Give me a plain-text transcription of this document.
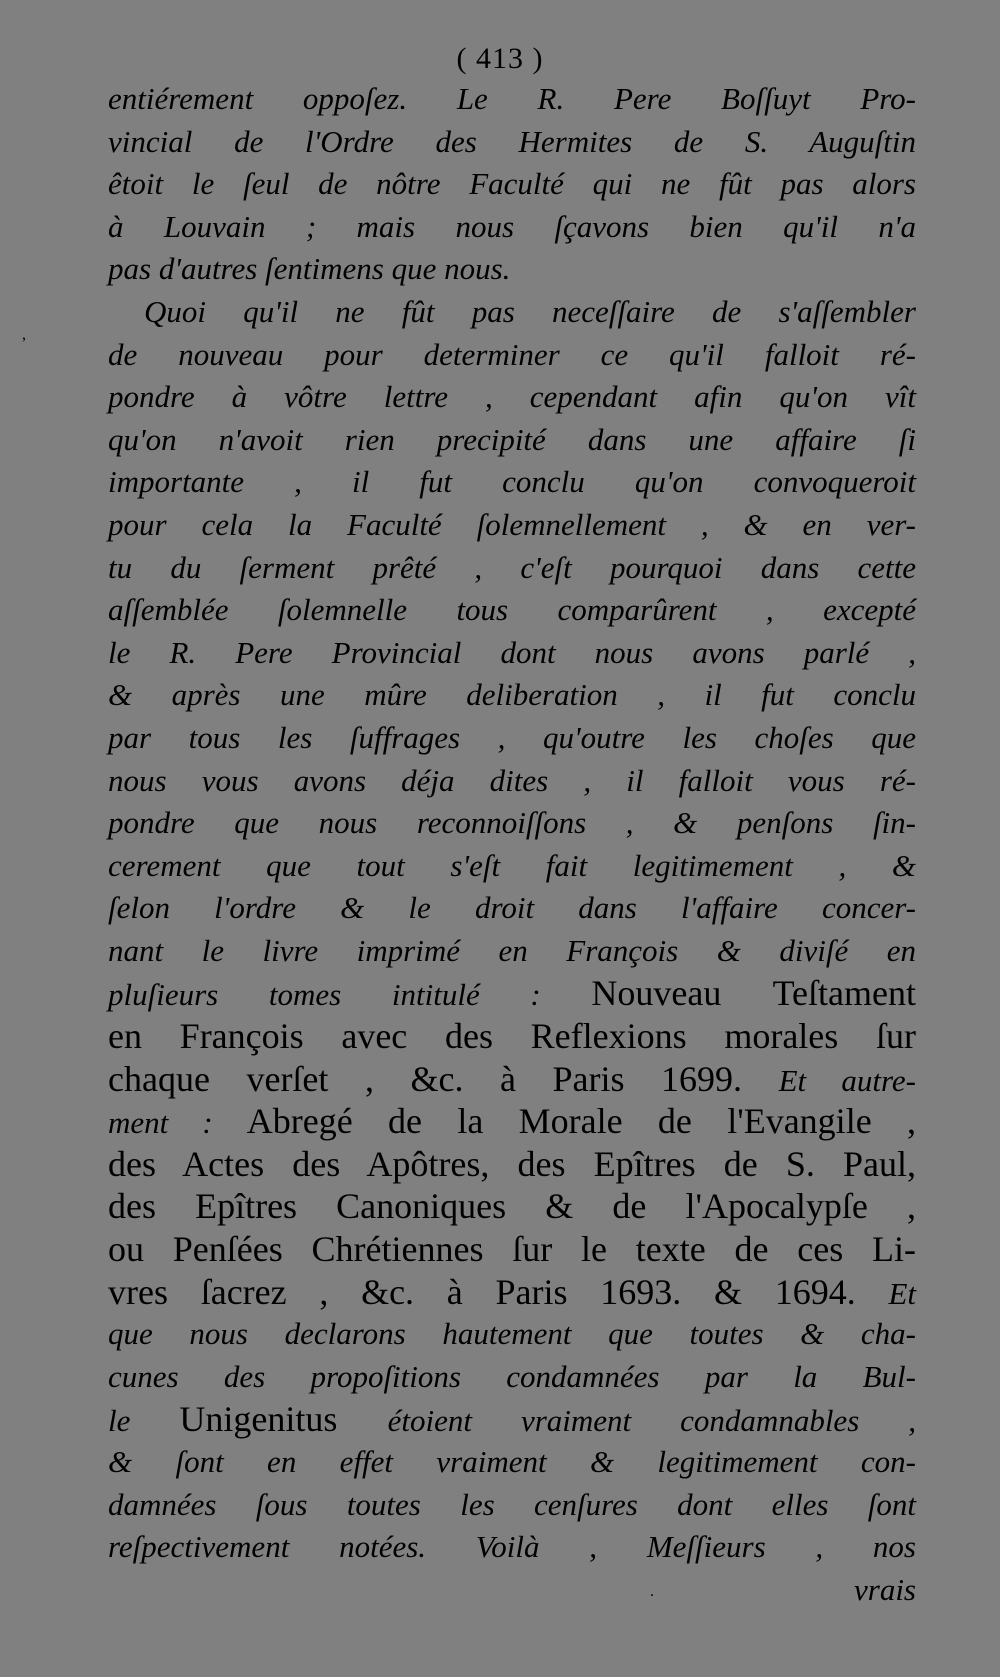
( 413 )
entiérement oppoſez. Le R. Pere Boſſuyt Pro-
vincial de l'Ordre des Hermites de S. Auguſtin
êtoit le ſeul de nôtre Faculté qui ne fût pas alors
à Louvain ; mais nous ſçavons bien qu'il n'a
pas d'autres ſentimens que nous.
Quoi qu'il ne fût pas neceſſaire de s'aſſembler
de nouveau pour determiner ce qu'il falloit ré-
pondre à vôtre lettre , cependant afin qu'on vît
qu'on n'avoit rien precipité dans une affaire ſi
importante , il fut conclu qu'on convoqueroit
pour cela la Faculté ſolemnellement , & en ver-
tu du ſerment prêté , c'eſt pourquoi dans cette
aſſemblée ſolemnelle tous comparûrent , excepté
le R. Pere Provincial dont nous avons parlé ,
& après une mûre deliberation , il fut conclu
par tous les ſuffrages , qu'outre les choſes que
nous vous avons déja dites , il falloit vous ré-
pondre que nous reconnoiſſons , & penſons ſin-
cerement que tout s'eſt fait legitimement , &
ſelon l'ordre & le droit dans l'affaire concer-
nant le livre imprimé en François & diviſé en
pluſieurs tomes intitulé : Nouveau Teſtament
en François avec des Reflexions morales ſur
chaque verſet , &c. à Paris 1699. Et autre-
ment : Abregé de la Morale de l'Evangile ,
des Actes des Apôtres, des Epîtres de S. Paul,
des Epîtres Canoniques & de l'Apocalypſe ,
ou Penſées Chrétiennes ſur le texte de ces Li-
vres ſacrez , &c. à Paris 1693. & 1694. Et
que nous declarons hautement que toutes & cha-
cunes des propoſitions condamnées par la Bul-
le Unigenitus étoient vraiment condamnables ,
& ſont en effet vraiment & legitimement con-
damnées ſous toutes les cenſures dont elles ſont
reſpectivement notées. Voilà , Meſſieurs , nos
vrais
,
.
